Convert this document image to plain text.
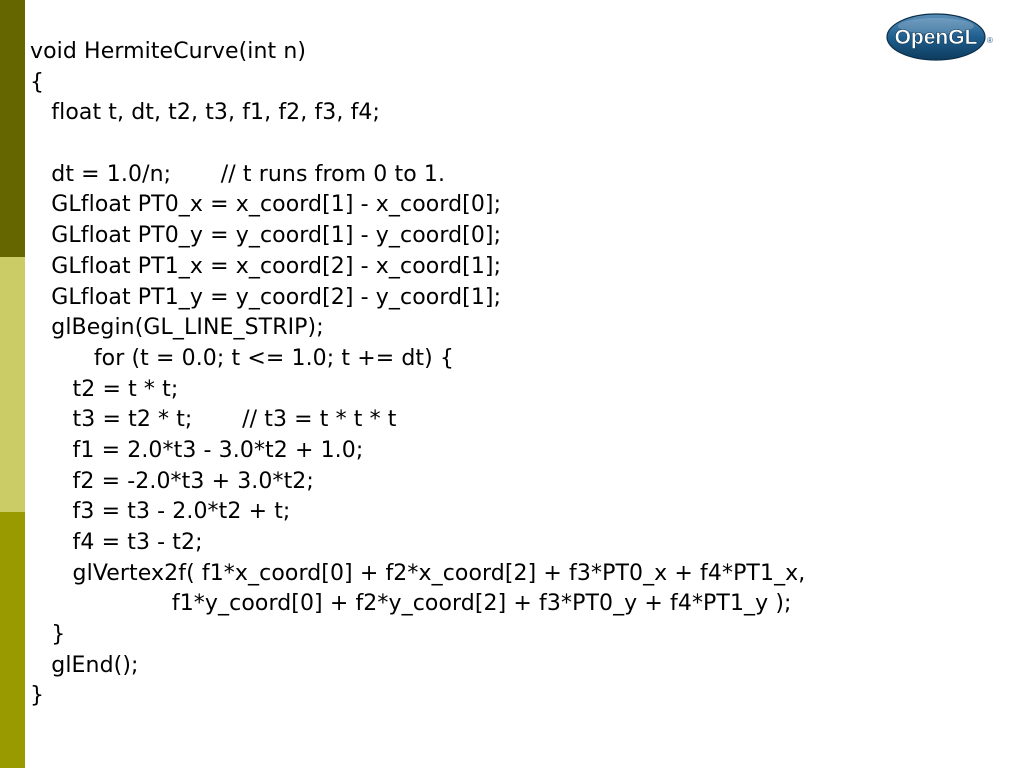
OpenGL ®
void HermiteCurve(int n)
{
float t, dt, t2, t3, f1, f2, f3, f4;
dt = 1.0/n;       // t runs from 0 to 1.
GLfloat PT0_x = x_coord[1] - x_coord[0];
GLfloat PT0_y = y_coord[1] - y_coord[0];
GLfloat PT1_x = x_coord[2] - x_coord[1];
GLfloat PT1_y = y_coord[2] - y_coord[1];
glBegin(GL_LINE_STRIP);
for (t = 0.0; t <= 1.0; t += dt) {
t2 = t * t;
t3 = t2 * t;       // t3 = t * t * t
f1 = 2.0*t3 - 3.0*t2 + 1.0;
f2 = -2.0*t3 + 3.0*t2;
f3 = t3 - 2.0*t2 + t;
f4 = t3 - t2;
glVertex2f( f1*x_coord[0] + f2*x_coord[2] + f3*PT0_x + f4*PT1_x,
f1*y_coord[0] + f2*y_coord[2] + f3*PT0_y + f4*PT1_y );
}
glEnd();
}
